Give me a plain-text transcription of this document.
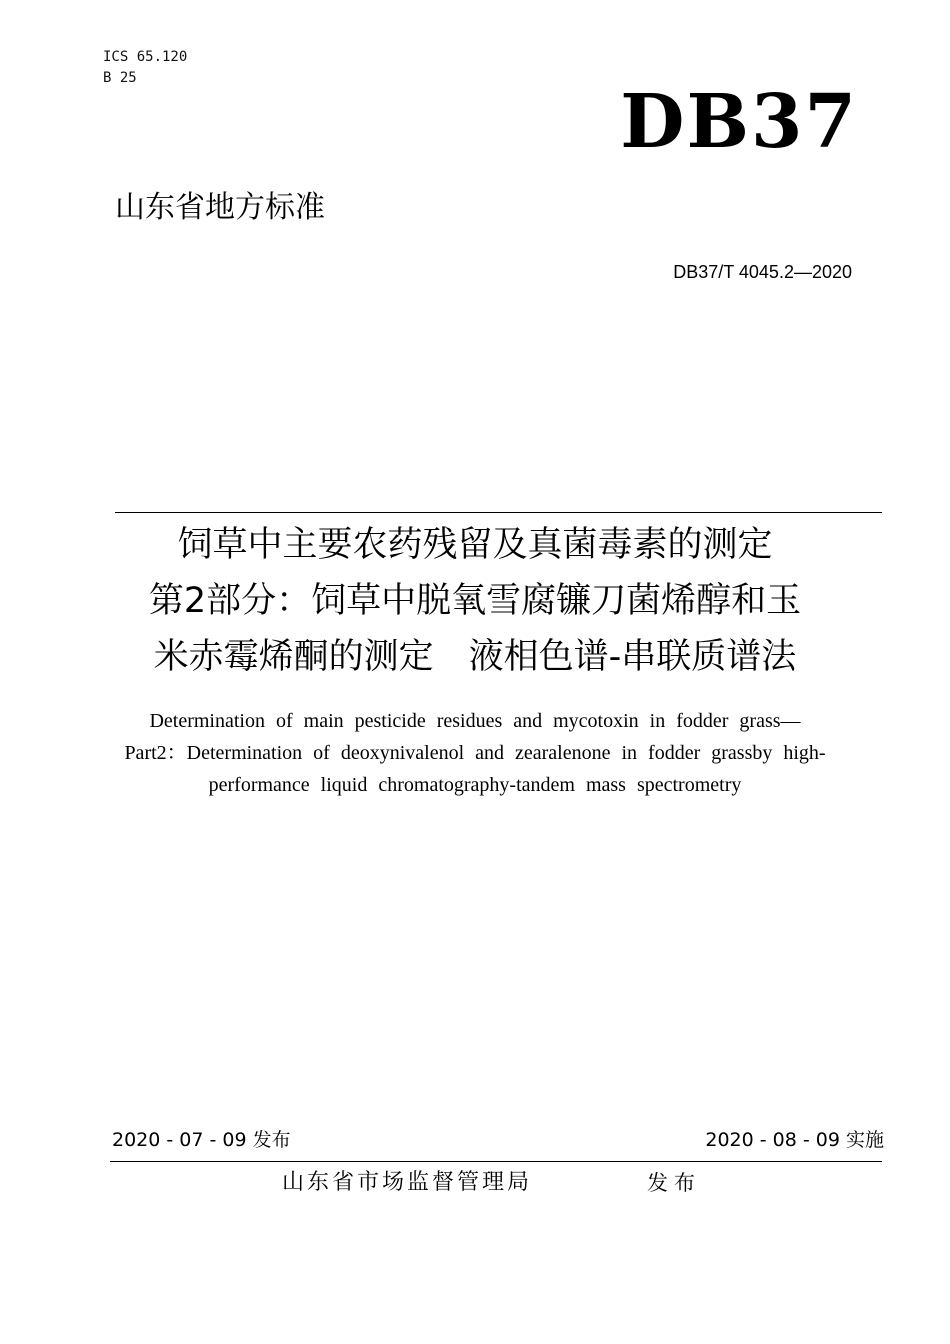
ICS 65.120
B 25
DB37
山东省地方标准
DB37/T 4045.2—2020
饲草中主要农药残留及真菌毒素的测定
第2部分：饲草中脱氧雪腐镰刀菌烯醇和玉
米赤霉烯酮的测定　液相色谱-串联质谱法
Determination of main pesticide residues and mycotoxin in fodder grass—
Part2：Determination of deoxynivalenol and zearalenone in fodder grassby high-
performance liquid chromatography-tandem mass spectrometry
2020 - 07 - 09 发布	2020 - 08 - 09 实施
山东省市场监督管理局	发布
